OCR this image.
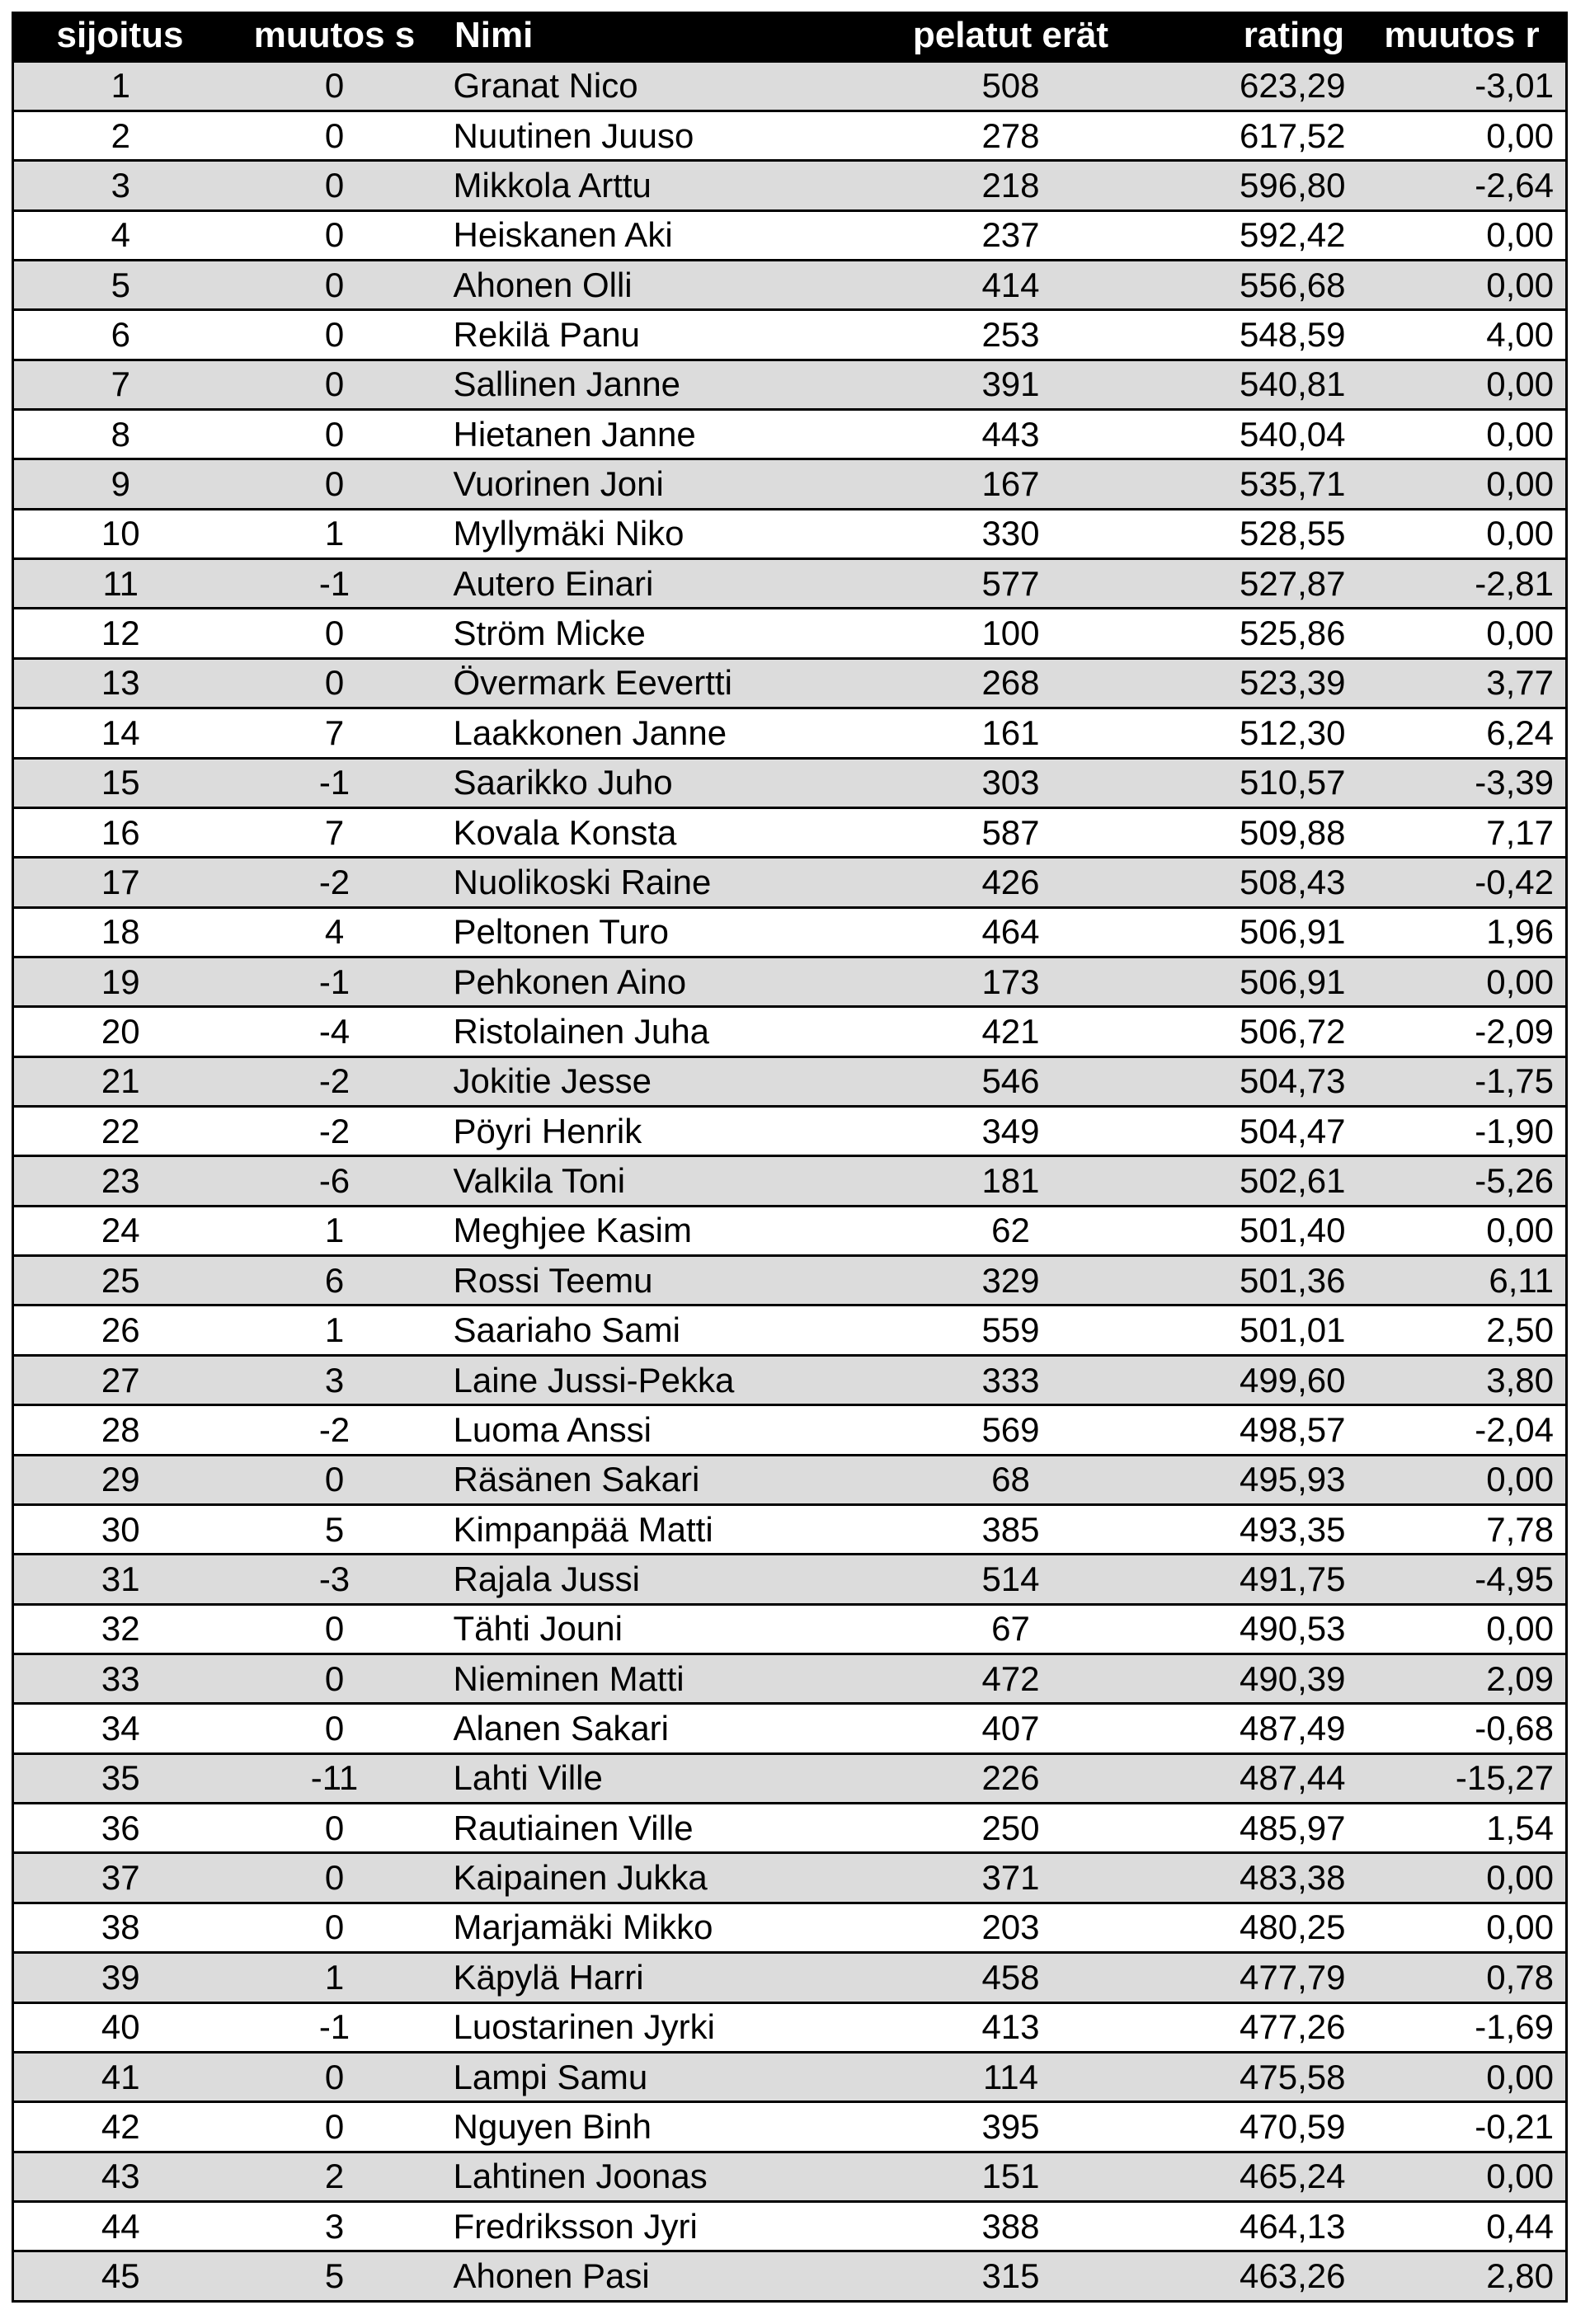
sijoitus	muutos s	Nimi	pelatut erät	rating	muutos r
1	0	Granat Nico	508	623,29	-3,01
2	0	Nuutinen Juuso	278	617,52	0,00
3	0	Mikkola Arttu	218	596,80	-2,64
4	0	Heiskanen Aki	237	592,42	0,00
5	0	Ahonen Olli	414	556,68	0,00
6	0	Rekilä Panu	253	548,59	4,00
7	0	Sallinen Janne	391	540,81	0,00
8	0	Hietanen Janne	443	540,04	0,00
9	0	Vuorinen Joni	167	535,71	0,00
10	1	Myllymäki Niko	330	528,55	0,00
11	-1	Autero Einari	577	527,87	-2,81
12	0	Ström Micke	100	525,86	0,00
13	0	Övermark Eevertti	268	523,39	3,77
14	7	Laakkonen Janne	161	512,30	6,24
15	-1	Saarikko Juho	303	510,57	-3,39
16	7	Kovala Konsta	587	509,88	7,17
17	-2	Nuolikoski Raine	426	508,43	-0,42
18	4	Peltonen Turo	464	506,91	1,96
19	-1	Pehkonen Aino	173	506,91	0,00
20	-4	Ristolainen Juha	421	506,72	-2,09
21	-2	Jokitie Jesse	546	504,73	-1,75
22	-2	Pöyri Henrik	349	504,47	-1,90
23	-6	Valkila Toni	181	502,61	-5,26
24	1	Meghjee Kasim	62	501,40	0,00
25	6	Rossi Teemu	329	501,36	6,11
26	1	Saariaho Sami	559	501,01	2,50
27	3	Laine Jussi-Pekka	333	499,60	3,80
28	-2	Luoma Anssi	569	498,57	-2,04
29	0	Räsänen Sakari	68	495,93	0,00
30	5	Kimpanpää Matti	385	493,35	7,78
31	-3	Rajala Jussi	514	491,75	-4,95
32	0	Tähti Jouni	67	490,53	0,00
33	0	Nieminen Matti	472	490,39	2,09
34	0	Alanen Sakari	407	487,49	-0,68
35	-11	Lahti Ville	226	487,44	-15,27
36	0	Rautiainen Ville	250	485,97	1,54
37	0	Kaipainen Jukka	371	483,38	0,00
38	0	Marjamäki Mikko	203	480,25	0,00
39	1	Käpylä Harri	458	477,79	0,78
40	-1	Luostarinen Jyrki	413	477,26	-1,69
41	0	Lampi Samu	114	475,58	0,00
42	0	Nguyen Binh	395	470,59	-0,21
43	2	Lahtinen Joonas	151	465,24	0,00
44	3	Fredriksson Jyri	388	464,13	0,44
45	5	Ahonen Pasi	315	463,26	2,80
